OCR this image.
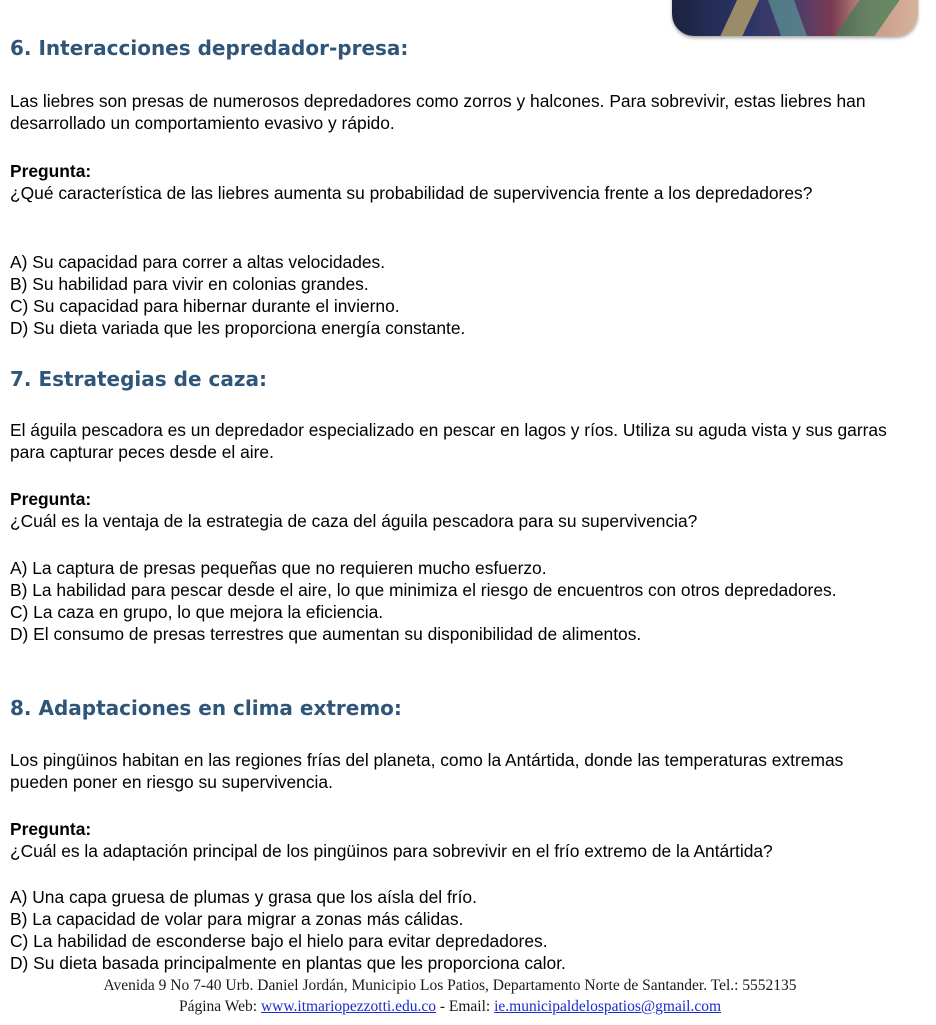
6. Interacciones depredador-presa:

Las liebres son presas de numerosos depredadores como zorros y halcones. Para sobrevivir, estas liebres han desarrollado un comportamiento evasivo y rápido.

Pregunta:
¿Qué característica de las liebres aumenta su probabilidad de supervivencia frente a los depredadores?

A) Su capacidad para correr a altas velocidades.
B) Su habilidad para vivir en colonias grandes.
C) Su capacidad para hibernar durante el invierno.
D) Su dieta variada que les proporciona energía constante.

7. Estrategias de caza:

El águila pescadora es un depredador especializado en pescar en lagos y ríos. Utiliza su aguda vista y sus garras para capturar peces desde el aire.

Pregunta:
¿Cuál es la ventaja de la estrategia de caza del águila pescadora para su supervivencia?

A) La captura de presas pequeñas que no requieren mucho esfuerzo.
B) La habilidad para pescar desde el aire, lo que minimiza el riesgo de encuentros con otros depredadores.
C) La caza en grupo, lo que mejora la eficiencia.
D) El consumo de presas terrestres que aumentan su disponibilidad de alimentos.

8. Adaptaciones en clima extremo:

Los pingüinos habitan en las regiones frías del planeta, como la Antártida, donde las temperaturas extremas pueden poner en riesgo su supervivencia.

Pregunta:
¿Cuál es la adaptación principal de los pingüinos para sobrevivir en el frío extremo de la Antártida?

A) Una capa gruesa de plumas y grasa que los aísla del frío.
B) La capacidad de volar para migrar a zonas más cálidas.
C) La habilidad de esconderse bajo el hielo para evitar depredadores.
D) Su dieta basada principalmente en plantas que les proporciona calor.

Avenida 9 No 7-40 Urb. Daniel Jordán, Municipio Los Patios, Departamento Norte de Santander. Tel.: 5552135
Página Web: www.itmariopezzotti.edu.co - Email: ie.municipaldelospatios@gmail.com
